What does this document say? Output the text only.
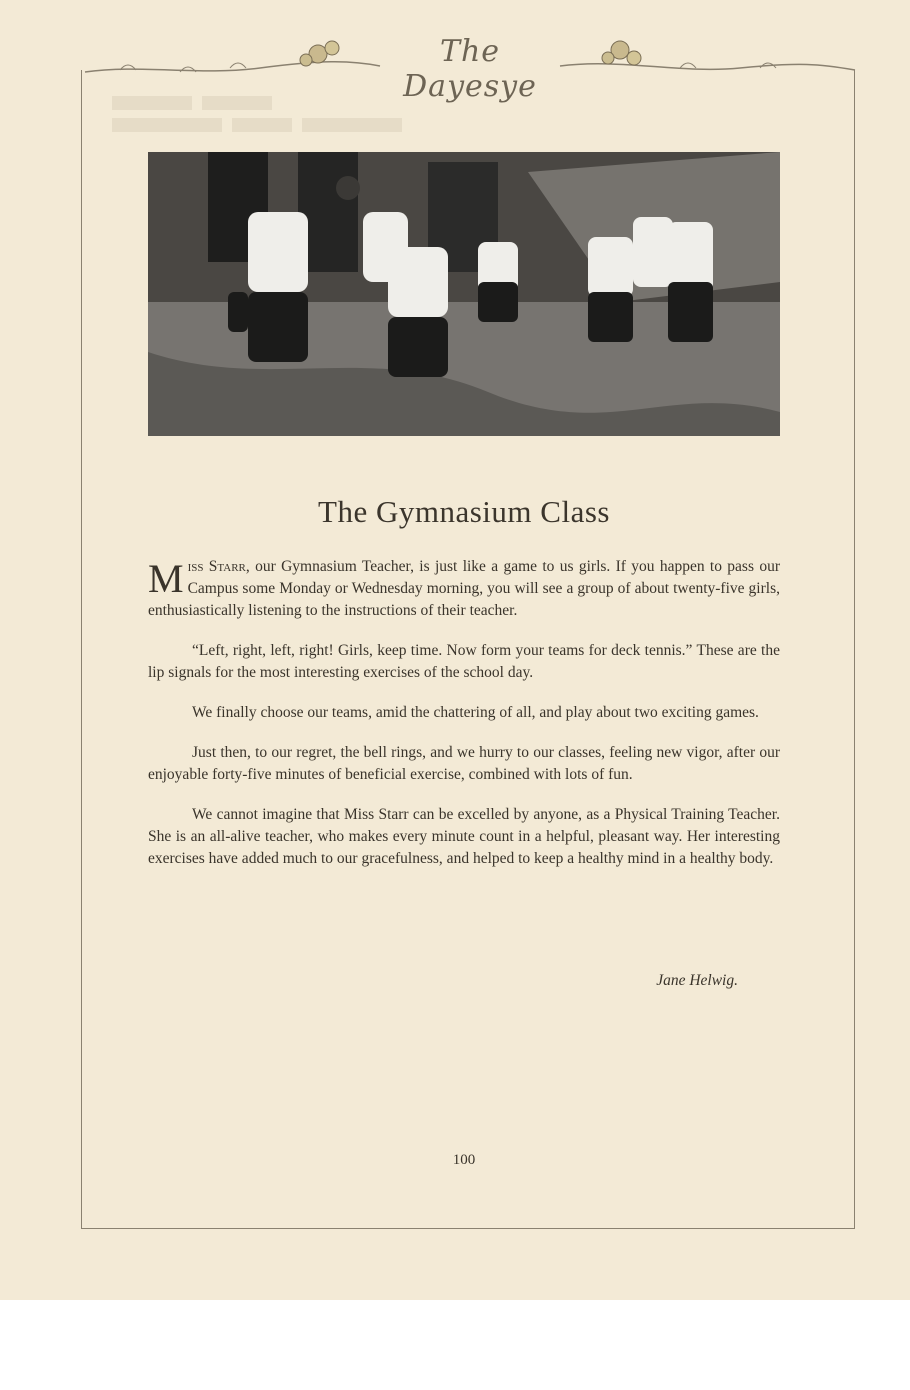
The Dayesye
The Gymnasium Class

Miss Starr, our Gymnasium Teacher, is just like a game to us girls. If you happen to pass our Campus some Monday or Wednesday morning, you will see a group of about twenty-five girls, enthusiastically listening to the instructions of their teacher.

“Left, right, left, right! Girls, keep time. Now form your teams for deck tennis.” These are the lip signals for the most interesting exercises of the school day.

We finally choose our teams, amid the chattering of all, and play about two exciting games.

Just then, to our regret, the bell rings, and we hurry to our classes, feeling new vigor, after our enjoyable forty-five minutes of beneficial exercise, combined with lots of fun.

We cannot imagine that Miss Starr can be excelled by anyone, as a Physical Training Teacher. She is an all-alive teacher, who makes every minute count in a helpful, pleasant way. Her interesting exercises have added much to our gracefulness, and helped to keep a healthy mind in a healthy body.

Jane Helwig.
100
